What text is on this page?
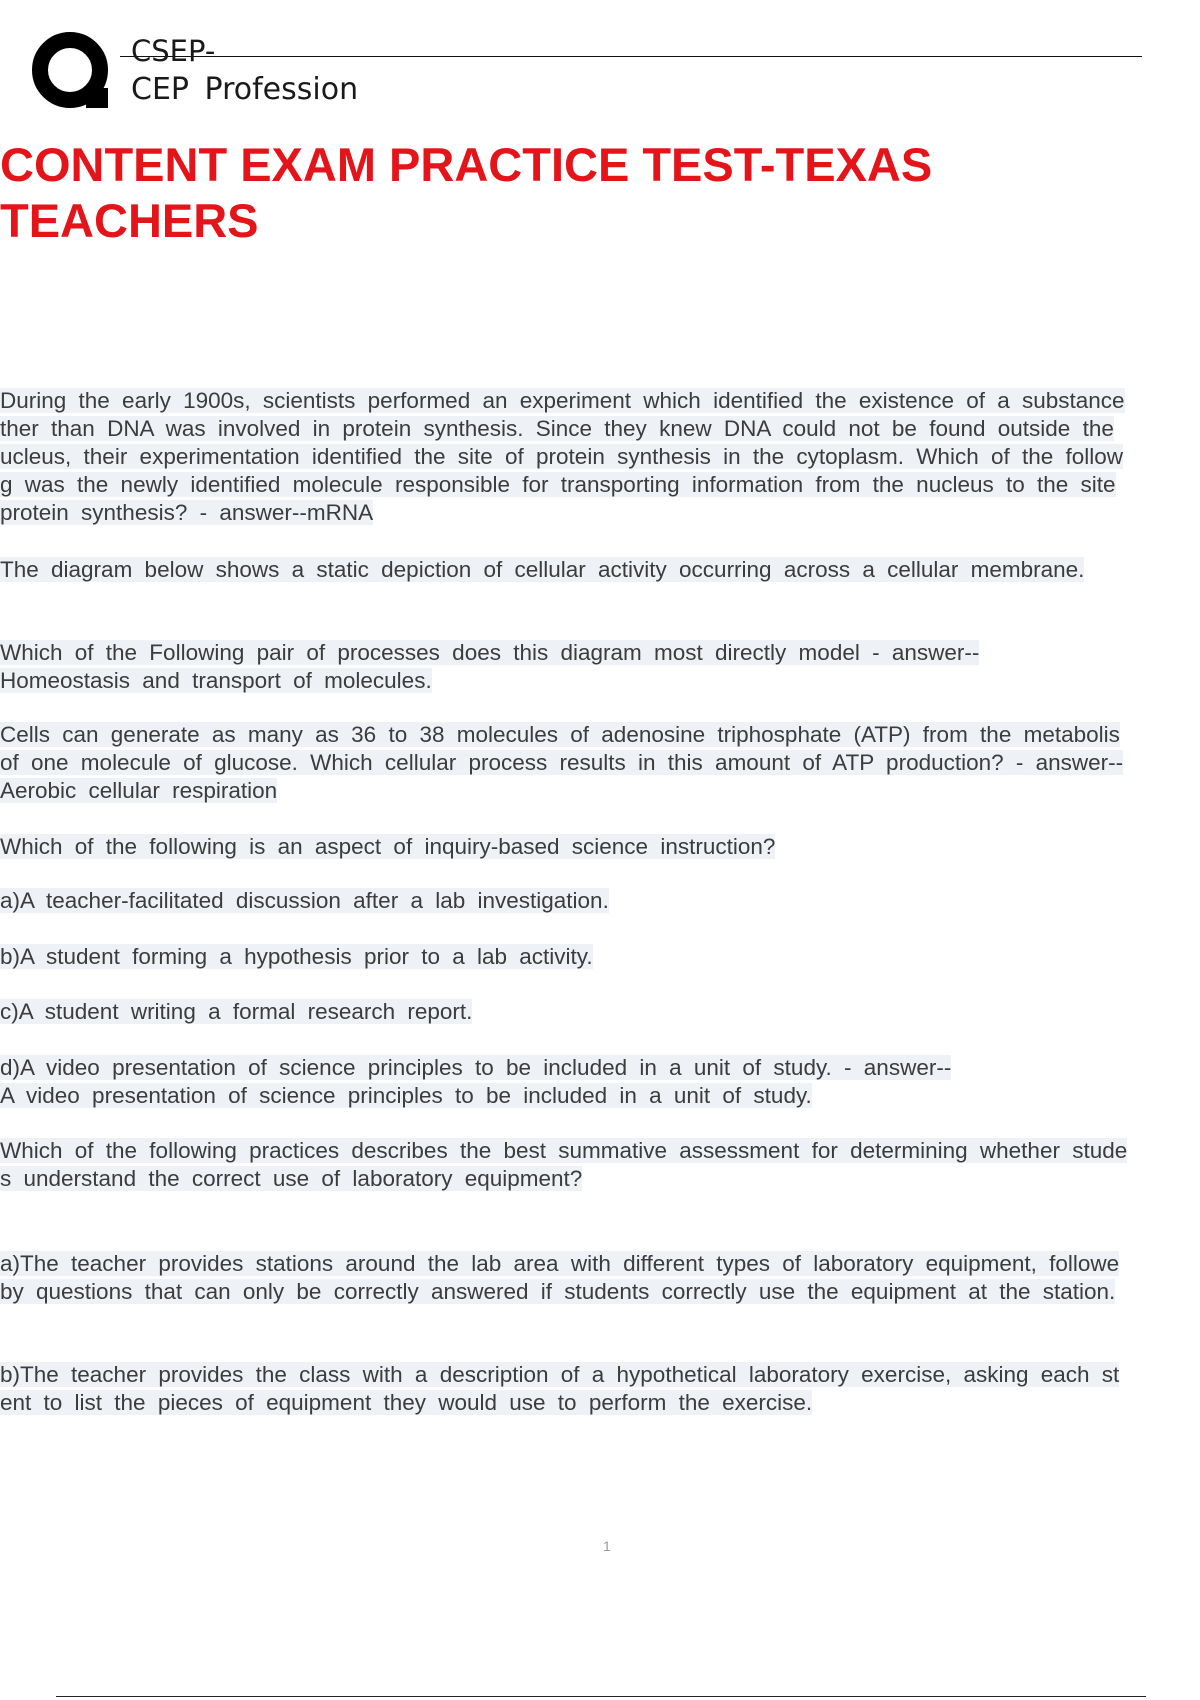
CSEP-
CEP Profession
CONTENT EXAM PRACTICE TEST-TEXAS
TEACHERS
1
During the early 1900s, scientists performed an experiment which identified the existence of a substance
ther than DNA was involved in protein synthesis. Since they knew DNA could not be found outside the
ucleus, their experimentation identified the site of protein synthesis in the cytoplasm. Which of the follow
g was the newly identified molecule responsible for transporting information from the nucleus to the site
protein synthesis? - answer--mRNA
The diagram below shows a static depiction of cellular activity occurring across a cellular membrane.
Which of the Following pair of processes does this diagram most directly model - answer--
Homeostasis and transport of molecules.
Cells can generate as many as 36 to 38 molecules of adenosine triphosphate (ATP) from the metabolis
of one molecule of glucose. Which cellular process results in this amount of ATP production? - answer--
Aerobic cellular respiration
Which of the following is an aspect of inquiry-based science instruction?
a)A teacher-facilitated discussion after a lab investigation.
b)A student forming a hypothesis prior to a lab activity.
c)A student writing a formal research report.
d)A video presentation of science principles to be included in a unit of study. - answer--
A video presentation of science principles to be included in a unit of study.
Which of the following practices describes the best summative assessment for determining whether stude
s understand the correct use of laboratory equipment?
a)The teacher provides stations around the lab area with different types of laboratory equipment, followe
by questions that can only be correctly answered if students correctly use the equipment at the station.
b)The teacher provides the class with a description of a hypothetical laboratory exercise, asking each st
ent to list the pieces of equipment they would use to perform the exercise.
